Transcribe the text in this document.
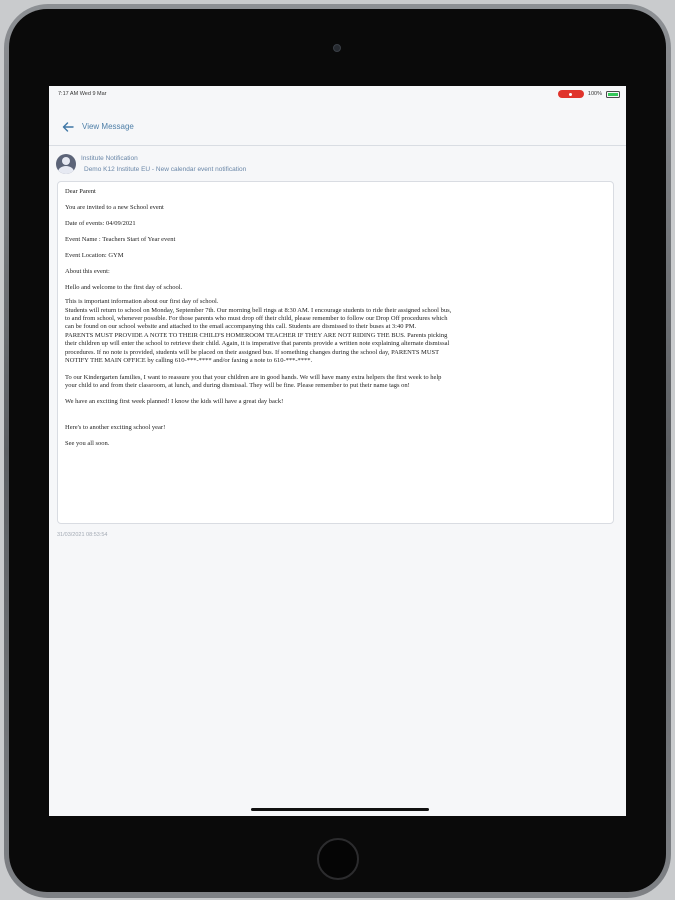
7:17 AM Wed 9 Mar	100%
View Message
Institute Notification
Demo K12 Institute EU - New calendar event notification
Dear Parent
You are invited to a new School event
Date of events: 04/09/2021
Event Name : Teachers Start of Year event
Event Location: GYM
About this event:
Hello and welcome to the first day of school.
This is important information about our first day of school.
Students will return to school on Monday, September 7th. Our morning bell rings at 8:30 AM. I encourage students to ride their assigned school bus,
to and from school, whenever possible. For those parents who must drop off their child, please remember to follow our Drop Off procedures which
can be found on our school website and attached to the email accompanying this call. Students are dismissed to their buses at 3:40 PM.
PARENTS MUST PROVIDE A NOTE TO THEIR CHILD'S HOMEROOM TEACHER IF THEY ARE NOT RIDING THE BUS. Parents picking
their children up will enter the school to retrieve their child. Again, it is imperative that parents provide a written note explaining alternate dismissal
procedures. If no note is provided, students will be placed on their assigned bus. If something changes during the school day, PARENTS MUST
NOTIFY THE MAIN OFFICE by calling 610-***-**** and/or faxing a note to 610-***-****.
To our Kindergarten families, I want to reassure you that your children are in good hands. We will have many extra helpers the first week to help
your child to and from their classroom, at lunch, and during dismissal. They will be fine. Please remember to put their name tags on!
We have an exciting first week planned! I know the kids will have a great day back!
Here's to another exciting school year!
See you all soon.
31/03/2021 08:53:54
